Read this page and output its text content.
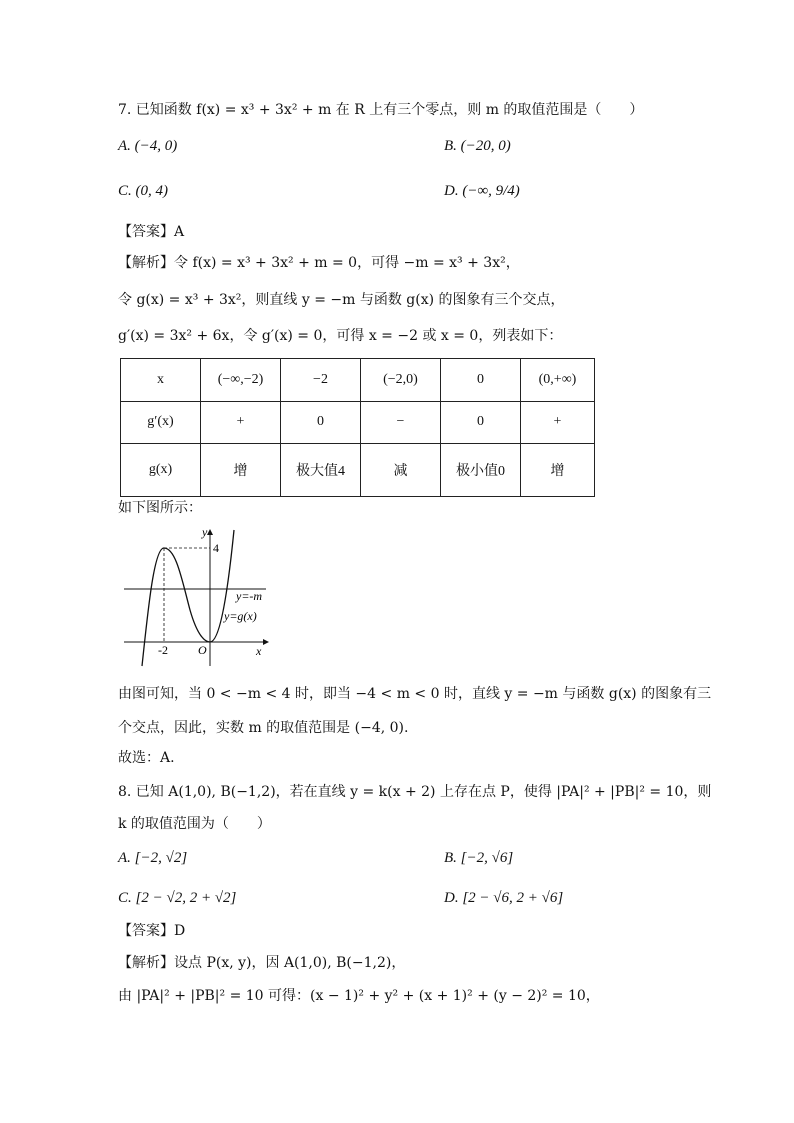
7. 已知函数 f(x) = x³ + 3x² + m 在 R 上有三个零点，则 m 的取值范围是（　　）
A. (−4, 0)	B. (−20, 0)
C. (0, 4)	D. (−∞, 9/4)
【答案】A
【解析】令 f(x) = x³ + 3x² + m = 0，可得 −m = x³ + 3x²，
令 g(x) = x³ + 3x²，则直线 y = −m 与函数 g(x) 的图象有三个交点，
g′(x) = 3x² + 6x，令 g′(x) = 0，可得 x = −2 或 x = 0，列表如下：
x	(−∞,−2)	−2	(−2,0)	0	(0,+∞)
g′(x)	+	0	−	0	+
g(x)	增	极大值4	减	极小值0	增
如下图所示：
y
x
4
-2	O
y=-m
y=g(x)
由图可知，当 0 < −m < 4 时，即当 −4 < m < 0 时，直线 y = −m 与函数 g(x) 的图象有三
个交点，因此，实数 m 的取值范围是 (−4, 0).
故选：A.
8. 已知 A(1,0), B(−1,2)，若在直线 y = k(x + 2) 上存在点 P，使得 |PA|² + |PB|² = 10，则
k 的取值范围为（　　）
A. [−2, √2]	B. [−2, √6]
C. [2 − √2, 2 + √2]	D. [2 − √6, 2 + √6]
【答案】D
【解析】设点 P(x, y)，因 A(1,0), B(−1,2)，
由 |PA|² + |PB|² = 10 可得：(x − 1)² + y² + (x + 1)² + (y − 2)² = 10，
